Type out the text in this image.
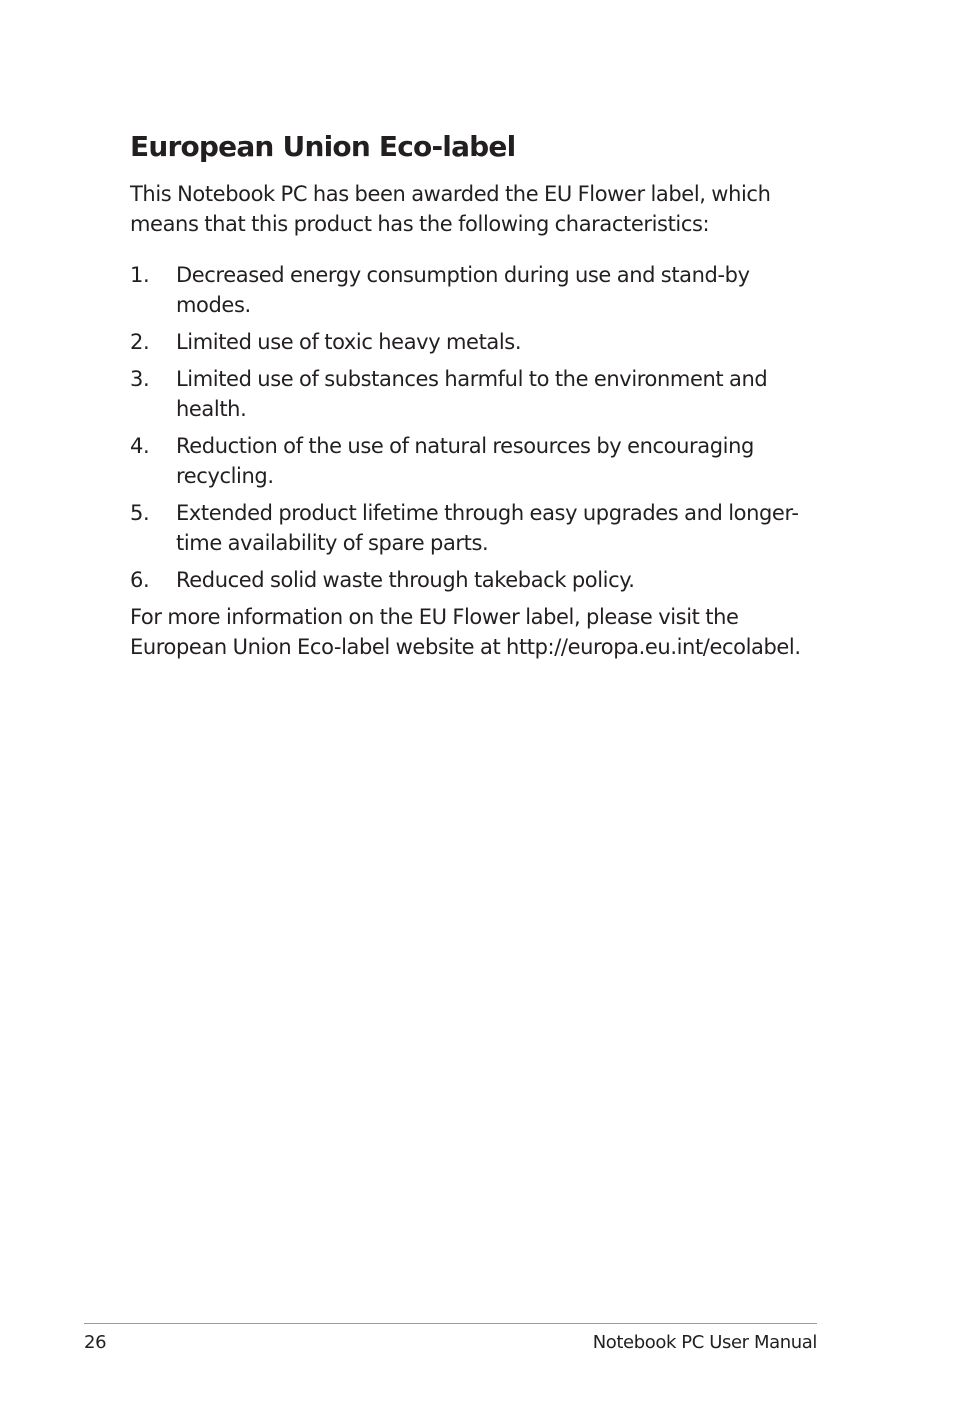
European Union Eco-label

This Notebook PC has been awarded the EU Flower label, which means that this product has the following characteristics:

1.	Decreased energy consumption during use and stand-by modes.
2.	Limited use of toxic heavy metals.
3.	Limited use of substances harmful to the environment and health.
4.	Reduction of the use of natural resources by encouraging recycling.
5.	Extended product lifetime through easy upgrades and longer-time availability of spare parts.
6.	Reduced solid waste through takeback policy.

For more information on the EU Flower label, please visit the European Union Eco-label website at http://europa.eu.int/ecolabel.

26	Notebook PC User Manual
